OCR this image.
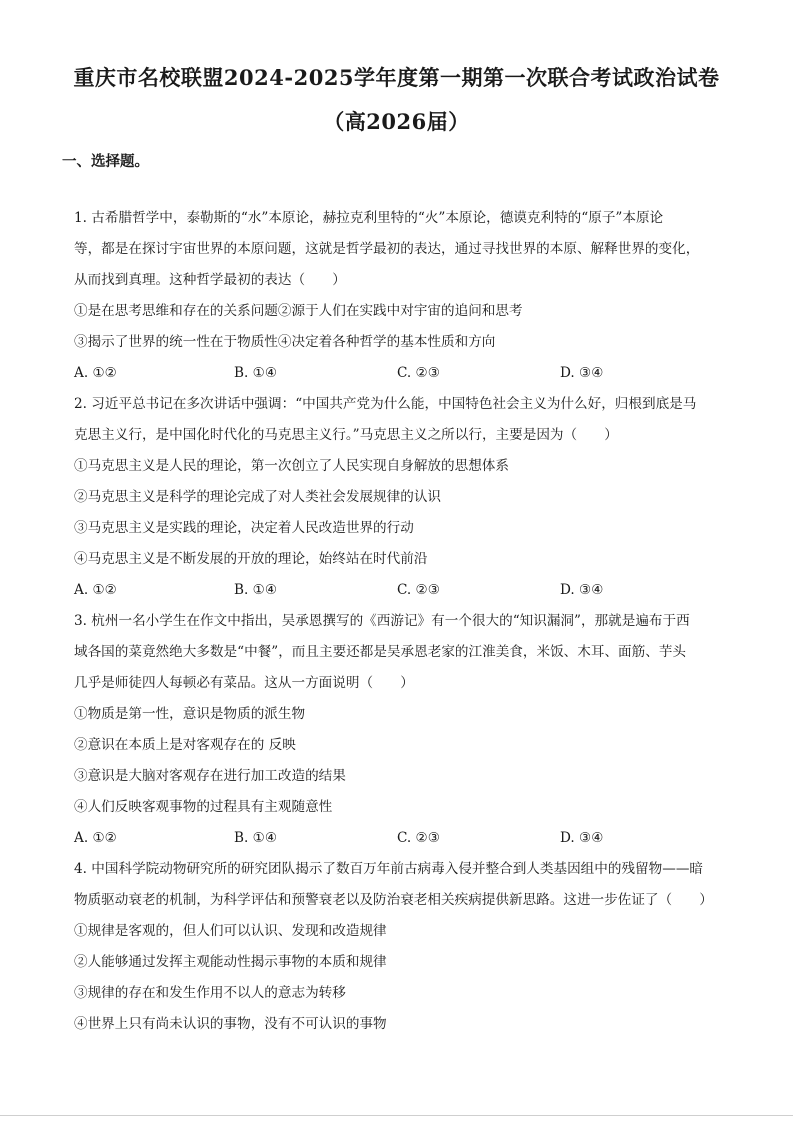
重庆市名校联盟2024-2025学年度第一期第一次联合考试政治试卷
（高2026届）
一、选择题。
1. 古希腊哲学中，泰勒斯的“水”本原论，赫拉克利里特的“火”本原论，德谟克利特的“原子”本原论
等，都是在探讨宇宙世界的本原问题，这就是哲学最初的表达，通过寻找世界的本原、解释世界的变化，
从而找到真理。这种哲学最初的表达（　　）
①是在思考思维和存在的关系问题②源于人们在实践中对宇宙的追问和思考
③揭示了世界的统一性在于物质性④决定着各种哲学的基本性质和方向
A. ①②	B. ①④	C. ②③	D. ③④
2. 习近平总书记在多次讲话中强调：“中国共产党为什么能，中国特色社会主义为什么好，归根到底是马
克思主义行，是中国化时代化的马克思主义行。”马克思主义之所以行，主要是因为（　　）
①马克思主义是人民的理论，第一次创立了人民实现自身解放的思想体系
②马克思主义是科学的理论完成了对人类社会发展规律的认识
③马克思主义是实践的理论，决定着人民改造世界的行动
④马克思主义是不断发展的开放的理论，始终站在时代前沿
A. ①②	B. ①④	C. ②③	D. ③④
3. 杭州一名小学生在作文中指出，吴承恩撰写的《西游记》有一个很大的“知识漏洞”，那就是遍布于西
域各国的菜竟然绝大多数是“中餐”，而且主要还都是吴承恩老家的江淮美食，米饭、木耳、面筋、芋头
几乎是师徒四人每顿必有菜品。这从一方面说明（　　）
①物质是第一性，意识是物质的派生物
②意识在本质上是对客观存在的 反映
③意识是大脑对客观存在进行加工改造的结果
④人们反映客观事物的过程具有主观随意性
A. ①②	B. ①④	C. ②③	D. ③④
4. 中国科学院动物研究所的研究团队揭示了数百万年前古病毒入侵并整合到人类基因组中的残留物——暗
物质驱动衰老的机制，为科学评估和预警衰老以及防治衰老相关疾病提供新思路。这进一步佐证了（　　）
①规律是客观的，但人们可以认识、发现和改造规律
②人能够通过发挥主观能动性揭示事物的本质和规律
③规律的存在和发生作用不以人的意志为转移
④世界上只有尚未认识的事物，没有不可认识的事物
